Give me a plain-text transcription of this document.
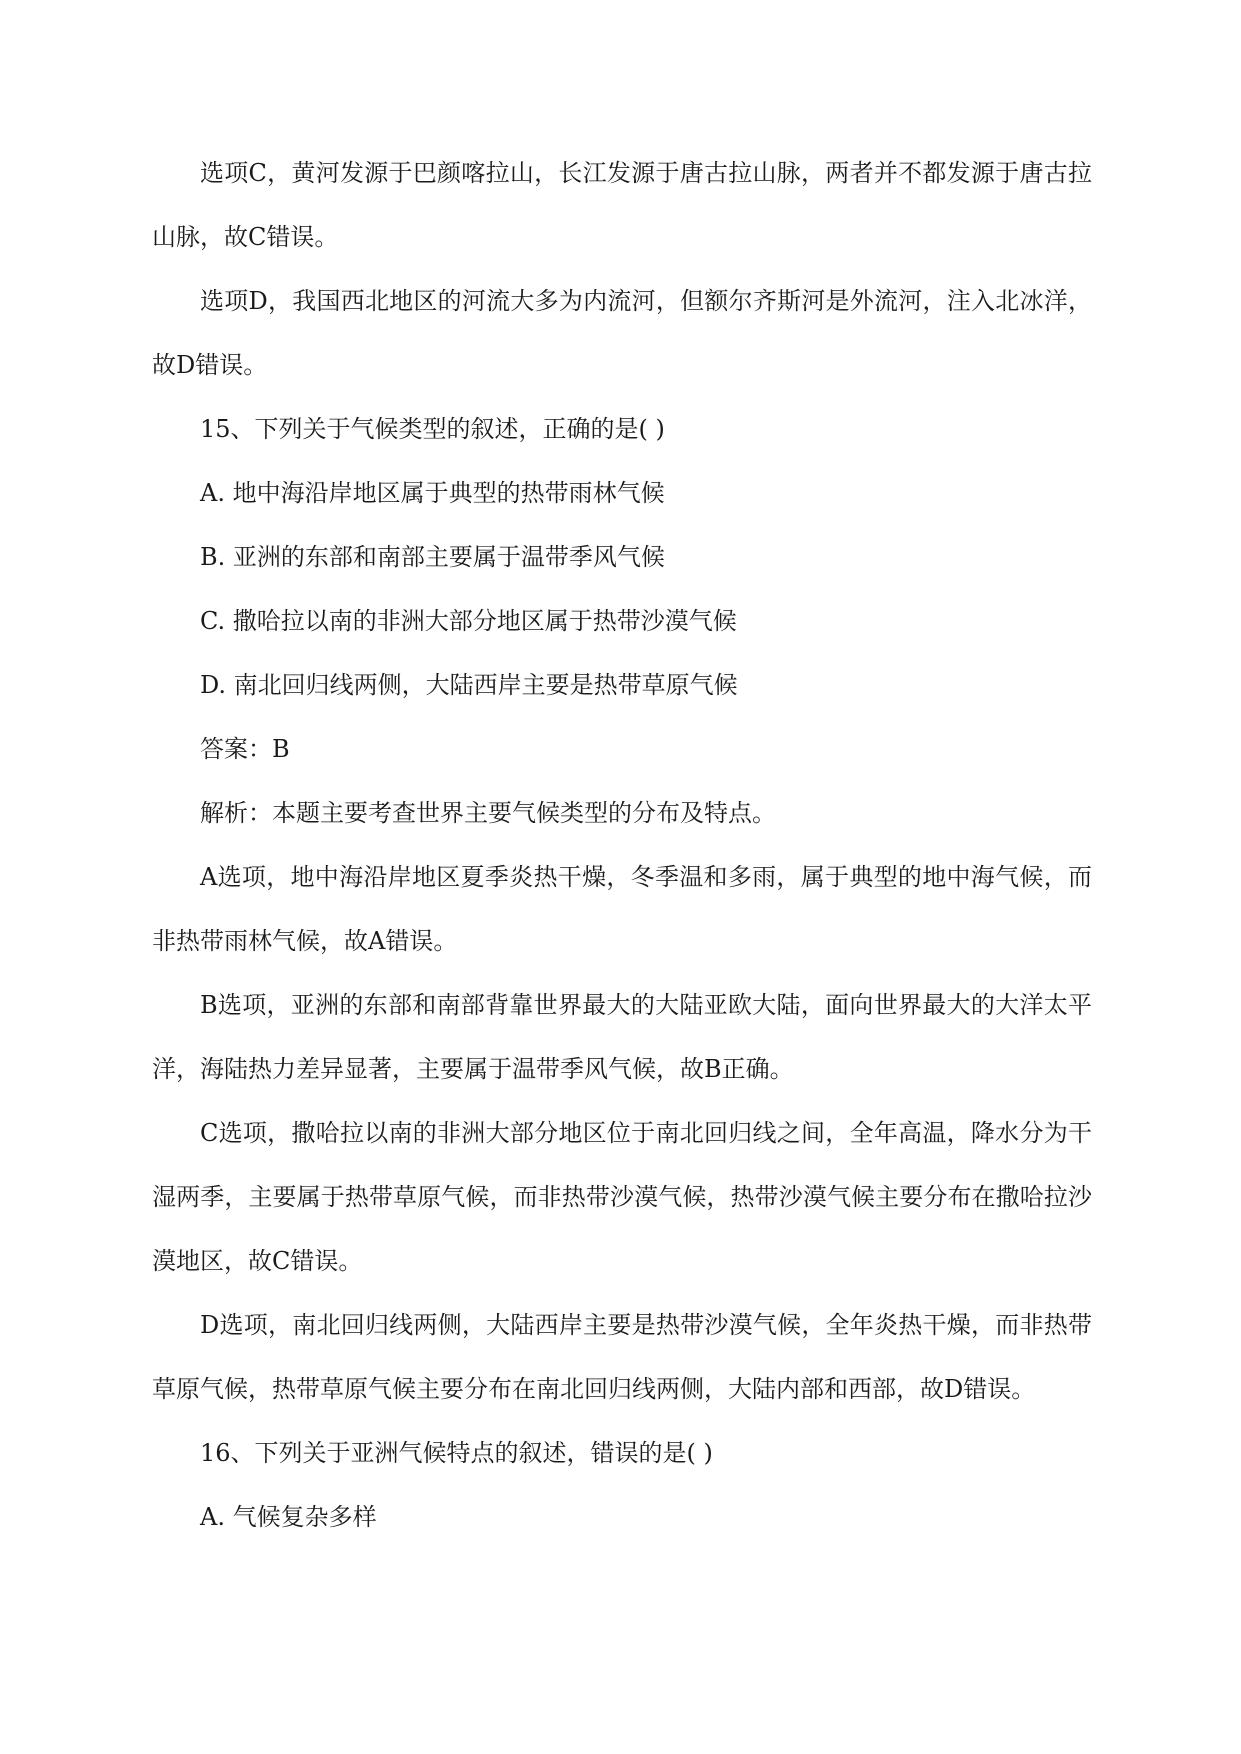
选项C，黄河发源于巴颜喀拉山，长江发源于唐古拉山脉，两者并不都发源于唐古拉山脉，故C错误。

选项D，我国西北地区的河流大多为内流河，但额尔齐斯河是外流河，注入北冰洋，故D错误。

15、下列关于气候类型的叙述，正确的是( )

A. 地中海沿岸地区属于典型的热带雨林气候

B. 亚洲的东部和南部主要属于温带季风气候

C. 撒哈拉以南的非洲大部分地区属于热带沙漠气候

D. 南北回归线两侧，大陆西岸主要是热带草原气候

答案：B

解析：本题主要考查世界主要气候类型的分布及特点。

A选项，地中海沿岸地区夏季炎热干燥，冬季温和多雨，属于典型的地中海气候，而非热带雨林气候，故A错误。

B选项，亚洲的东部和南部背靠世界最大的大陆亚欧大陆，面向世界最大的大洋太平洋，海陆热力差异显著，主要属于温带季风气候，故B正确。

C选项，撒哈拉以南的非洲大部分地区位于南北回归线之间，全年高温，降水分为干湿两季，主要属于热带草原气候，而非热带沙漠气候，热带沙漠气候主要分布在撒哈拉沙漠地区，故C错误。

D选项，南北回归线两侧，大陆西岸主要是热带沙漠气候，全年炎热干燥，而非热带草原气候，热带草原气候主要分布在南北回归线两侧，大陆内部和西部，故D错误。

16、下列关于亚洲气候特点的叙述，错误的是( )

A. 气候复杂多样
